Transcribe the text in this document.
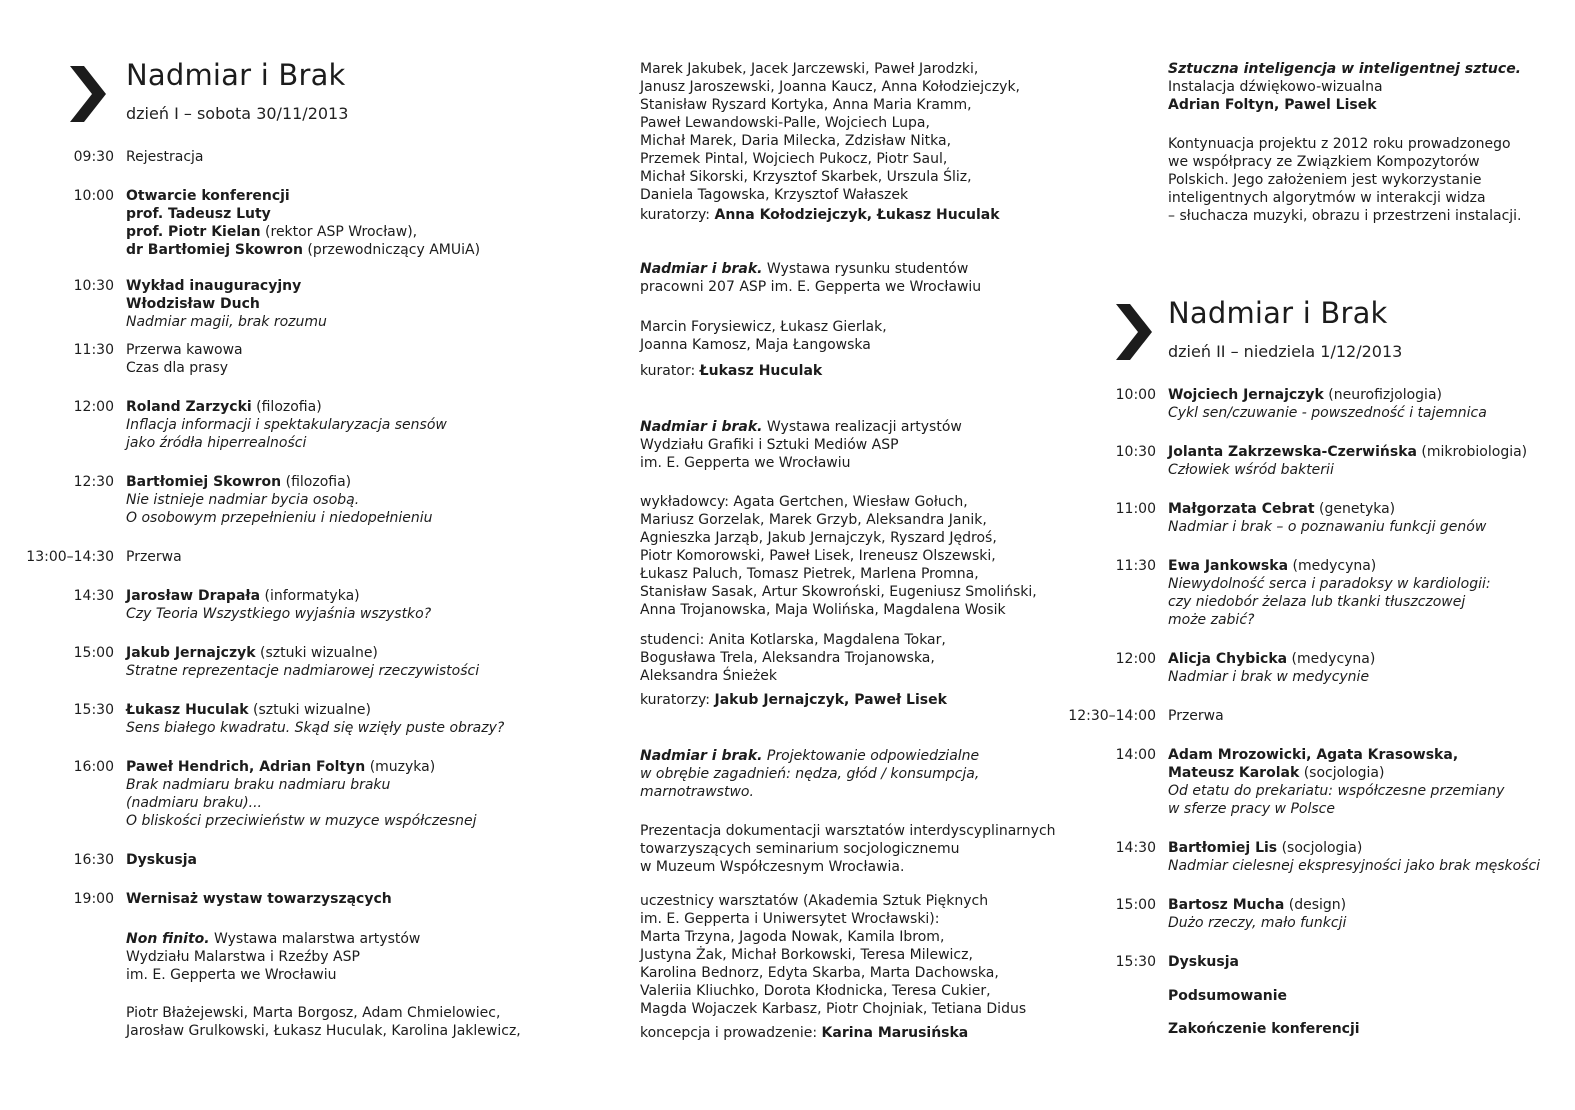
Nadmiar i Brak
dzień I – sobota 30/11/2013
09:30 Rejestracja
10:00 Otwarcie konferencji
prof. Tadeusz Luty
prof. Piotr Kielan (rektor ASP Wrocław),
dr Bartłomiej Skowron (przewodniczący AMUiA)
10:30 Wykład inauguracyjny
Włodzisław Duch
Nadmiar magii, brak rozumu
11:30 Przerwa kawowa
Czas dla prasy
12:00 Roland Zarzycki (filozofia)
Inflacja informacji i spektakularyzacja sensów
jako źródła hiperrealności
12:30 Bartłomiej Skowron (filozofia)
Nie istnieje nadmiar bycia osobą.
O osobowym przepełnieniu i niedopełnieniu
13:00–14:30 Przerwa
14:30 Jarosław Drapała (informatyka)
Czy Teoria Wszystkiego wyjaśnia wszystko?
15:00 Jakub Jernajczyk (sztuki wizualne)
Stratne reprezentacje nadmiarowej rzeczywistości
15:30 Łukasz Huculak (sztuki wizualne)
Sens białego kwadratu. Skąd się wzięły puste obrazy?
16:00 Paweł Hendrich, Adrian Foltyn (muzyka)
Brak nadmiaru braku nadmiaru braku
(nadmiaru braku)...
O bliskości przeciwieństw w muzyce współczesnej
16:30 Dyskusja
19:00 Wernisaż wystaw towarzyszących
Non finito. Wystawa malarstwa artystów
Wydziału Malarstwa i Rzeźby ASP
im. E. Gepperta we Wrocławiu
Piotr Błażejewski, Marta Borgosz, Adam Chmielowiec,
Jarosław Grulkowski, Łukasz Huculak, Karolina Jaklewicz,
Marek Jakubek, Jacek Jarczewski, Paweł Jarodzki,
Janusz Jaroszewski, Joanna Kaucz, Anna Kołodziejczyk,
Stanisław Ryszard Kortyka, Anna Maria Kramm,
Paweł Lewandowski-Palle, Wojciech Lupa,
Michał Marek, Daria Milecka, Zdzisław Nitka,
Przemek Pintal, Wojciech Pukocz, Piotr Saul,
Michał Sikorski, Krzysztof Skarbek, Urszula Śliz,
Daniela Tagowska, Krzysztof Wałaszek
kuratorzy: Anna Kołodziejczyk, Łukasz Huculak
Nadmiar i brak. Wystawa rysunku studentów
pracowni 207 ASP im. E. Gepperta we Wrocławiu
Marcin Forysiewicz, Łukasz Gierlak,
Joanna Kamosz, Maja Łangowska
kurator: Łukasz Huculak
Nadmiar i brak. Wystawa realizacji artystów
Wydziału Grafiki i Sztuki Mediów ASP
im. E. Gepperta we Wrocławiu
wykładowcy: Agata Gertchen, Wiesław Gołuch,
Mariusz Gorzelak, Marek Grzyb, Aleksandra Janik,
Agnieszka Jarząb, Jakub Jernajczyk, Ryszard Jędroś,
Piotr Komorowski, Paweł Lisek, Ireneusz Olszewski,
Łukasz Paluch, Tomasz Pietrek, Marlena Promna,
Stanisław Sasak, Artur Skowroński, Eugeniusz Smoliński,
Anna Trojanowska, Maja Wolińska, Magdalena Wosik
studenci: Anita Kotlarska, Magdalena Tokar,
Bogusława Trela, Aleksandra Trojanowska,
Aleksandra Śnieżek
kuratorzy: Jakub Jernajczyk, Paweł Lisek
Nadmiar i brak. Projektowanie odpowiedzialne
w obrębie zagadnień: nędza, głód / konsumpcja,
marnotrawstwo.
Prezentacja dokumentacji warsztatów interdyscyplinarnych
towarzyszących seminarium socjologicznemu
w Muzeum Współczesnym Wrocławia.
uczestnicy warsztatów (Akademia Sztuk Pięknych
im. E. Gepperta i Uniwersytet Wrocławski):
Marta Trzyna, Jagoda Nowak, Kamila Ibrom,
Justyna Żak, Michał Borkowski, Teresa Milewicz,
Karolina Bednorz, Edyta Skarba, Marta Dachowska,
Valeriia Kliuchko, Dorota Kłodnicka, Teresa Cukier,
Magda Wojaczek Karbasz, Piotr Chojniak, Tetiana Didus
koncepcja i prowadzenie: Karina Marusińska
Sztuczna inteligencja w inteligentnej sztuce.
Instalacja dźwiękowo-wizualna
Adrian Foltyn, Pawel Lisek
Kontynuacja projektu z 2012 roku prowadzonego
we współpracy ze Związkiem Kompozytorów
Polskich. Jego założeniem jest wykorzystanie
inteligentnych algorytmów w interakcji widza
– słuchacza muzyki, obrazu i przestrzeni instalacji.
Nadmiar i Brak
dzień II – niedziela 1/12/2013
10:00 Wojciech Jernajczyk (neurofizjologia)
Cykl sen/czuwanie - powszedność i tajemnica
10:30 Jolanta Zakrzewska-Czerwińska (mikrobiologia)
Człowiek wśród bakterii
11:00 Małgorzata Cebrat (genetyka)
Nadmiar i brak – o poznawaniu funkcji genów
11:30 Ewa Jankowska (medycyna)
Niewydolność serca i paradoksy w kardiologii:
czy niedobór żelaza lub tkanki tłuszczowej
może zabić?
12:00 Alicja Chybicka (medycyna)
Nadmiar i brak w medycynie
12:30–14:00 Przerwa
14:00 Adam Mrozowicki, Agata Krasowska,
Mateusz Karolak (socjologia)
Od etatu do prekariatu: współczesne przemiany
w sferze pracy w Polsce
14:30 Bartłomiej Lis (socjologia)
Nadmiar cielesnej ekspresyjności jako brak męskości
15:00 Bartosz Mucha (design)
Dużo rzeczy, mało funkcji
15:30 Dyskusja
Podsumowanie
Zakończenie konferencji
